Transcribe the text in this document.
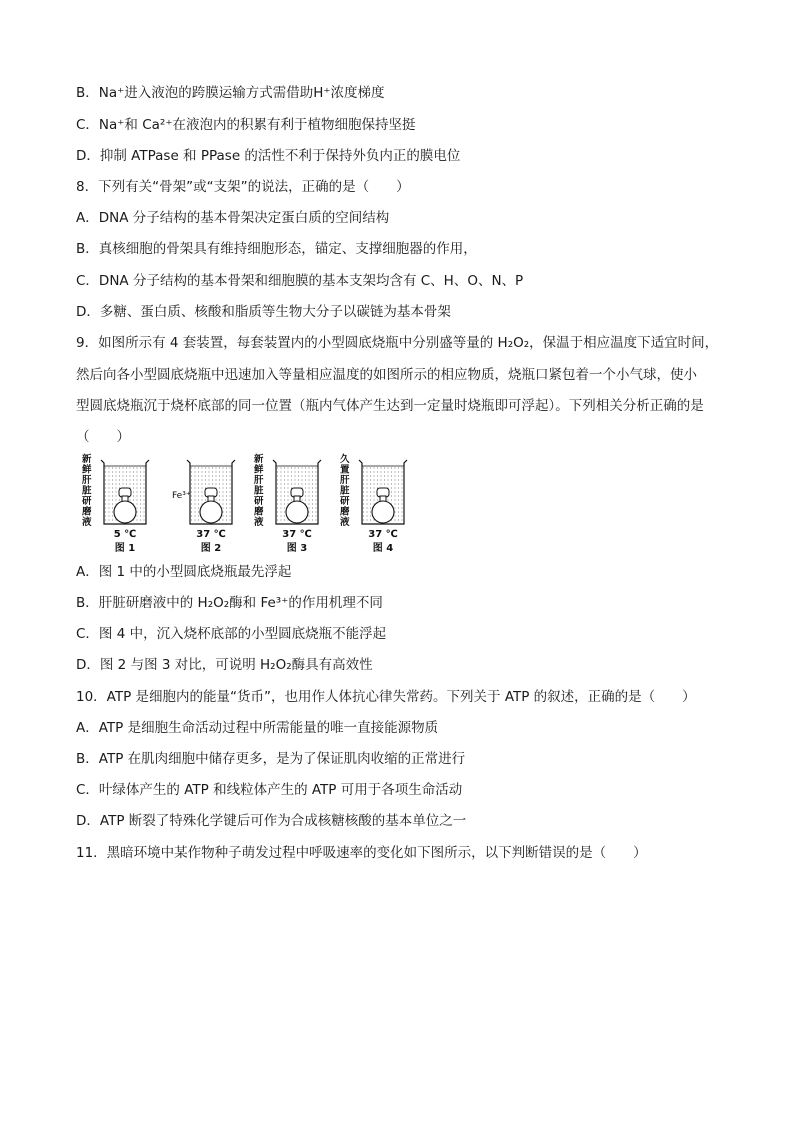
B．Na⁺进入液泡的跨膜运输方式需借助H⁺浓度梯度
C．Na⁺和 Ca²⁺在液泡内的积累有利于植物细胞保持坚挺
D．抑制 ATPase 和 PPase 的活性不利于保持外负内正的膜电位
8．下列有关“骨架”或“支架”的说法，正确的是（　　）
A．DNA 分子结构的基本骨架决定蛋白质的空间结构
B．真核细胞的骨架具有维持细胞形态，锚定、支撑细胞器的作用，
C．DNA 分子结构的基本骨架和细胞膜的基本支架均含有 C、H、O、N、P
D．多糖、蛋白质、核酸和脂质等生物大分子以碳链为基本骨架
9．如图所示有 4 套装置，每套装置内的小型圆底烧瓶中分别盛等量的 H₂O₂，保温于相应温度下适宜时间，
然后向各小型圆底烧瓶中迅速加入等量相应温度的如图所示的相应物质，烧瓶口紧包着一个小气球，使小
型圆底烧瓶沉于烧杯底部的同一位置（瓶内气体产生达到一定量时烧瓶即可浮起）。下列相关分析正确的是
（　　）
新
鲜
肝
脏
研
磨
液
5 ℃
图 1
Fe³⁺
37 ℃
图 2
新
鲜
肝
脏
研
磨
液
37 ℃
图 3
久
置
肝
脏
研
磨
液
37 ℃
图 4
A．图 1 中的小型圆底烧瓶最先浮起
B．肝脏研磨液中的 H₂O₂酶和 Fe³⁺的作用机理不同
C．图 4 中，沉入烧杯底部的小型圆底烧瓶不能浮起
D．图 2 与图 3 对比，可说明 H₂O₂酶具有高效性
10．ATP 是细胞内的能量“货币”，也用作人体抗心律失常药。下列关于 ATP 的叙述，正确的是（　　）
A．ATP 是细胞生命活动过程中所需能量的唯一直接能源物质
B．ATP 在肌肉细胞中储存更多，是为了保证肌肉收缩的正常进行
C．叶绿体产生的 ATP 和线粒体产生的 ATP 可用于各项生命活动
D．ATP 断裂了特殊化学键后可作为合成核糖核酸的基本单位之一
11．黑暗环境中某作物种子萌发过程中呼吸速率的变化如下图所示，以下判断错误的是（　　）
